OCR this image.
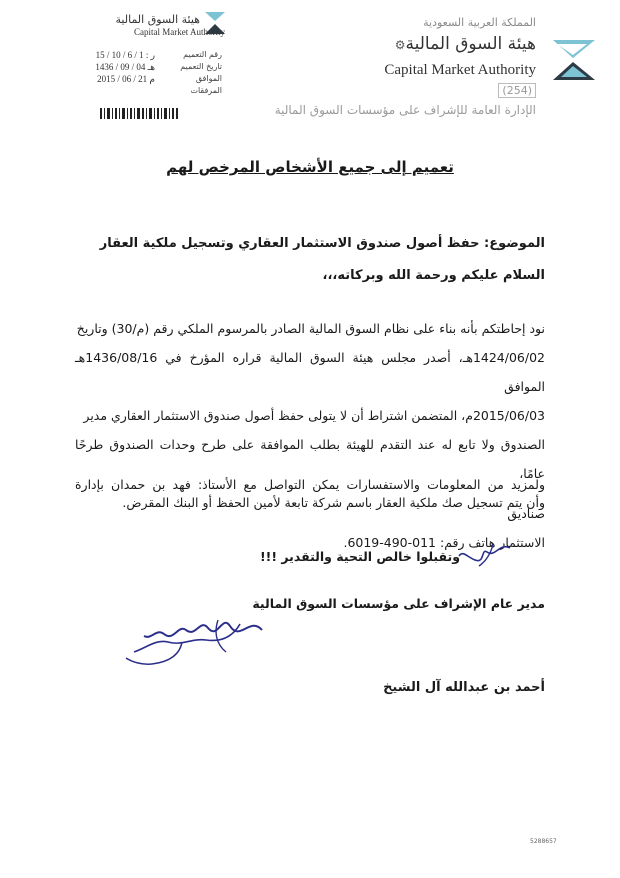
المملكة العربية السعودية
هيئة السوق المالية⚙
Capital Market Authority
(254)
الإدارة العامة للإشراف على مؤسسات السوق المالية
هيئة السوق المالية
Capital Market Authority
رقم التعميم
تاريخ التعميم
الموافق
المرفقات
15 / 10 / 6 / 1 : ر
1436 / 09 / 04 هـ
2015 / 06 / 21 م
تعميم إلى جميع الأشخاص المرخص لهم
الموضوع: حفظ أصول صندوق الاستثمار العقاري وتسجيل ملكية العقار
السلام عليكم ورحمة الله وبركاته،،،
نود إحاطتكم بأنه بناء على نظام السوق المالية الصادر بالمرسوم الملكي رقم (م/30) وتاريخ
1424/06/02هـ، أصدر مجلس هيئة السوق المالية قراره المؤرخ في 1436/08/16هـ الموافق
2015/06/03م، المتضمن اشتراط أن لا يتولى حفظ أصول صندوق الاستثمار العقاري مدير
الصندوق ولا تابع له عند التقدم للهيئة بطلب الموافقة على طرح وحدات الصندوق طرحًا عامًا،
وأن يتم تسجيل صك ملكية العقار باسم شركة تابعة لأمين الحفظ أو البنك المقرض.
ولمزيد من المعلومات والاستفسارات يمكن التواصل مع الأستاذ: فهد بن حمدان بإدارة صناديق
الاستثمار هاتف رقم: 011-490-6019.
وتقبلوا خالص التحية والتقدير !!!
مدير عام الإشراف على مؤسسات السوق المالية
أحمد بن عبدالله آل الشيخ
5288657
